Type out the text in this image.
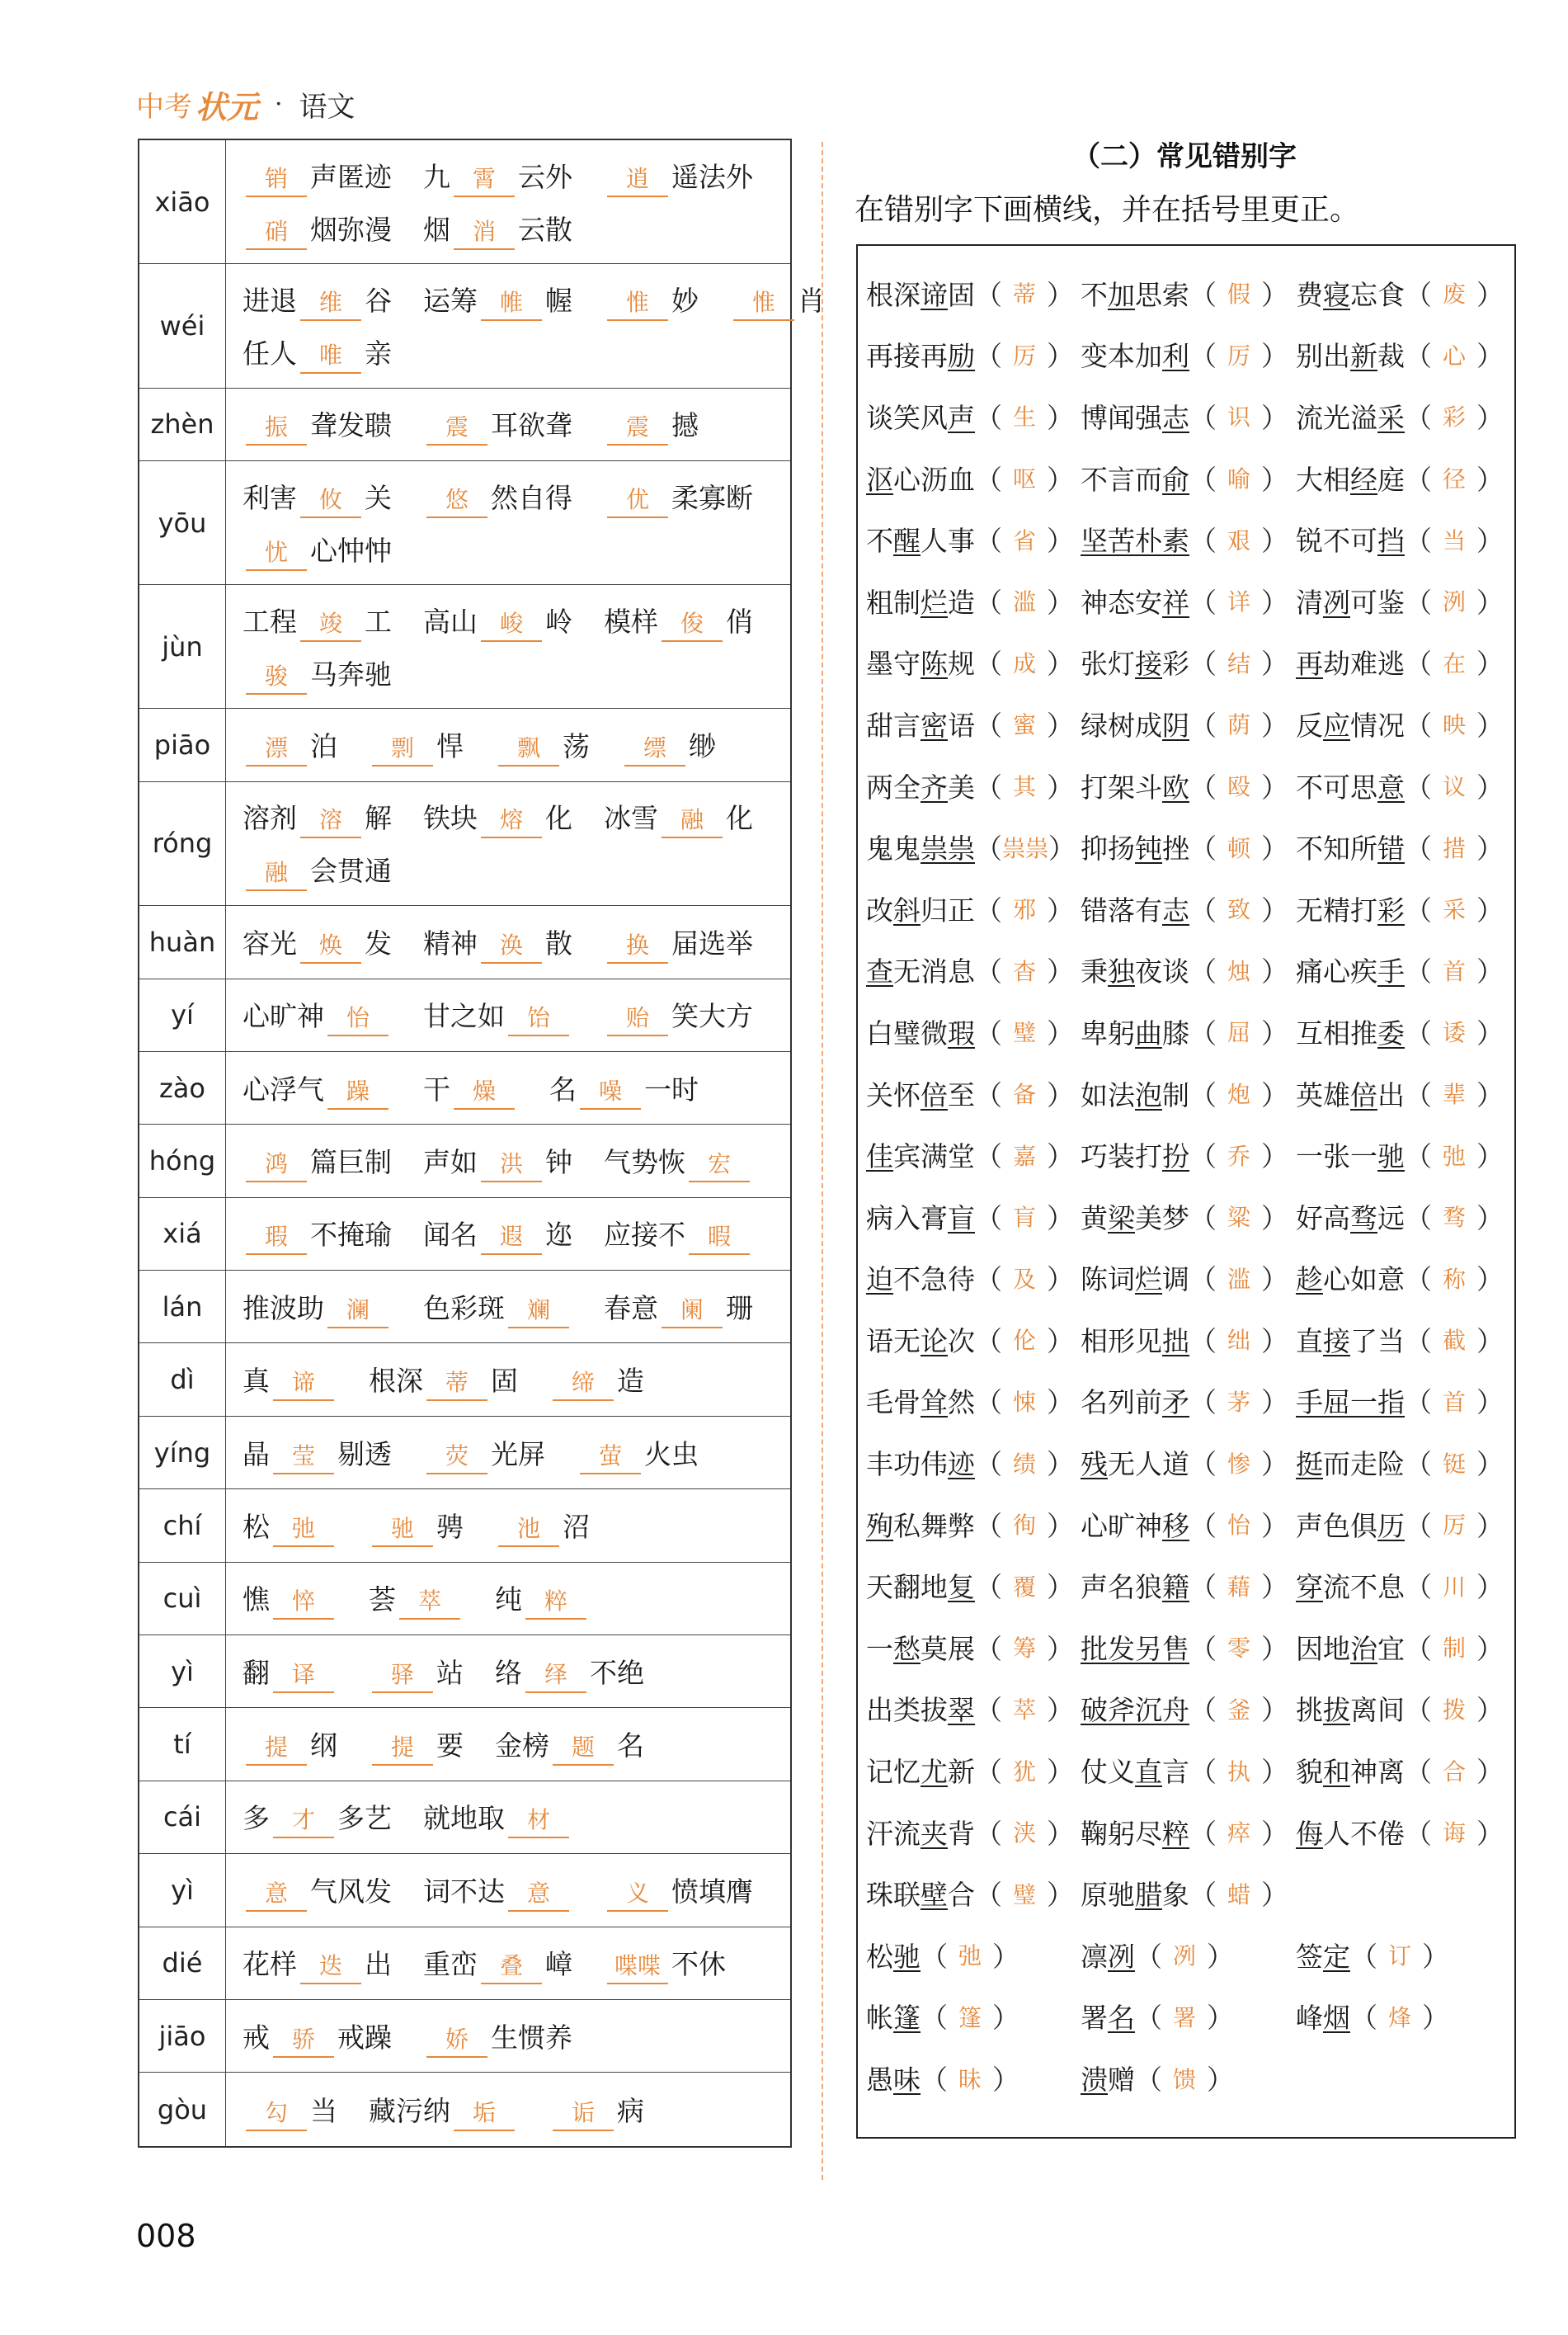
中考 状元 · 语文
xiāo
销 声匿迹 九 霄 云外	逍 遥法外
硝 烟弥漫 烟 消 云散
wéi
进退 维 谷 运筹 帷 幄	惟 妙	惟 肖
任人 唯 亲
zhèn	振 聋发聩	震 耳欲聋	震 撼
yōu
利害 攸 关	悠 然自得	优 柔寡断
忧 心忡忡
jùn
工程 竣 工 高山 峻 岭 模样 俊 俏
骏 马奔驰
piāo	漂 泊	剽 悍	飘 荡	缥 缈
róng
溶剂 溶 解 铁块 熔 化 冰雪 融 化
融 会贯通
huàn 容光 焕 发 精神 涣 散	换 届选举
yí	心旷神 怡	甘之如 饴	贻 笑大方
zào	心浮气 躁	干 燥	名 噪 一时
hóng	鸿 篇巨制 声如 洪 钟 气势恢 宏
xiá	瑕 不掩瑜 闻名 遐 迩 应接不 暇
lán	推波助 澜	色彩斑 斓	春意 阑 珊
dì	真 谛	根深 蒂 固	缔 造
yíng	晶 莹 剔透	荧 光屏	萤 火虫
chí	松 弛	驰 骋	池 沼
cuì	憔 悴	荟 萃	纯 粹
yì	翻 译	驿 站 络 绎 不绝
tí	提 纲	提 要 金榜 题 名
cái	多 才 多艺 就地取 材
yì	意 气风发 词不达 意	义 愤填膺
dié	花样 迭 出 重峦 叠 嶂	喋喋 不休
jiāo	戒 骄 戒躁	娇 生惯养
gòu	勾 当 藏污纳 垢	诟 病
（二）常见错别字
在错别字下画横线，并在括号里更正。
根深 谛 固 （ 蒂 ） 不 加 思索 （ 假 ） 费 寝 忘食 （ 废 ）
再接再 励 （ 厉 ） 变本加 利 （ 厉 ） 别出 新 裁 （ 心 ）
谈笑风 声 （ 生 ） 博闻强 志 （ 识 ） 流光溢 采 （ 彩 ）
沤 心沥血 （ 呕 ） 不言而 俞 （ 喻 ） 大相 经 庭 （ 径 ）
不 醒 人事 （ 省 ） 坚苦朴素 （ 艰 ） 锐不可 挡 （ 当 ）
粗制 烂 造 （ 滥 ） 神态安 祥 （ 详 ） 清 冽 可鉴 （ 洌 ）
墨守 陈 规 （ 成 ） 张灯 接 彩 （ 结 ） 再 劫难逃 （ 在 ）
甜言 密 语 （ 蜜 ） 绿树成 阴 （ 荫 ） 反 应 情况 （ 映 ）
两全 齐 美 （ 其 ） 打架斗 欧 （ 殴 ） 不可思 意 （ 议 ）
鬼鬼 祟祟 （ 祟祟 ） 抑扬 钝 挫 （ 顿 ） 不知所 错 （ 措 ）
改 斜 归正 （ 邪 ） 错落有 志 （ 致 ） 无精打 彩 （ 采 ）
查 无消息 （ 杳 ） 秉 独 夜谈 （ 烛 ） 痛心疾 手 （ 首 ）
白璧微 瑕 （ 璧 ） 卑躬 曲 膝 （ 屈 ） 互相推 委 （ 诿 ）
关怀 倍 至 （ 备 ） 如法 泡 制 （ 炮 ） 英雄 倍 出 （ 辈 ）
佳 宾满堂 （ 嘉 ） 巧装打 扮 （ 乔 ） 一张一 驰 （ 弛 ）
病入膏 盲 （ 肓 ） 黄 梁 美梦 （ 粱 ） 好高 骛 远 （ 骛 ）
迫 不急待 （ 及 ） 陈词 烂 调 （ 滥 ） 趁 心如意 （ 称 ）
语无 论 次 （ 伦 ） 相形见 拙 （ 绌 ） 直 接 了当 （ 截 ）
毛骨 耸 然 （ 悚 ） 名列前 矛 （ 茅 ） 手屈一指 （ 首 ）
丰功伟 迹 （ 绩 ） 残 无人道 （ 惨 ） 挺 而走险 （ 铤 ）
殉 私舞弊 （ 徇 ） 心旷神 移 （ 怡 ） 声色俱 历 （ 厉 ）
天翻地 复 （ 覆 ） 声名狼 籍 （ 藉 ） 穿 流不息 （ 川 ）
一 愁 莫展 （ 筹 ） 批发另售 （ 零 ） 因地 治 宜 （ 制 ）
出类拔 翠 （ 萃 ） 破斧沉舟 （ 釜 ） 挑 拔 离间 （ 拨 ）
记忆 尤 新 （ 犹 ） 仗义 直 言 （ 执 ） 貌 和 神离 （ 合 ）
汗流 夹 背 （ 浃 ） 鞠躬尽 粹 （ 瘁 ） 侮 人不倦 （ 诲 ）
珠联 壁 合 （ 璧 ） 原驰 腊 象 （ 蜡 ）
松 驰 （ 弛 ） 凛 冽 （ 冽 ） 签 定 （ 订 ）
帐 篷 （ 篷 ） 署 名 （ 署 ） 峰 烟 （ 烽 ）
愚 味 （ 昧 ） 溃 赠 （ 馈 ）
008
